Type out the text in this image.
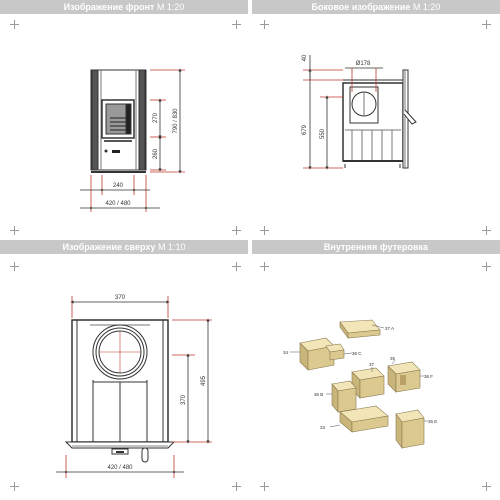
Изображение фронт M 1:20	Боковое изображение M 1:20
Изображение сверху M 1:10	Внутренняя футеровка
270
260
790 / 830
240
420 / 480
40
Ø178
679 550
370
370
495
420 / 480
37 A
34	36 C
35
37
36 F
36 B
33
36 E
